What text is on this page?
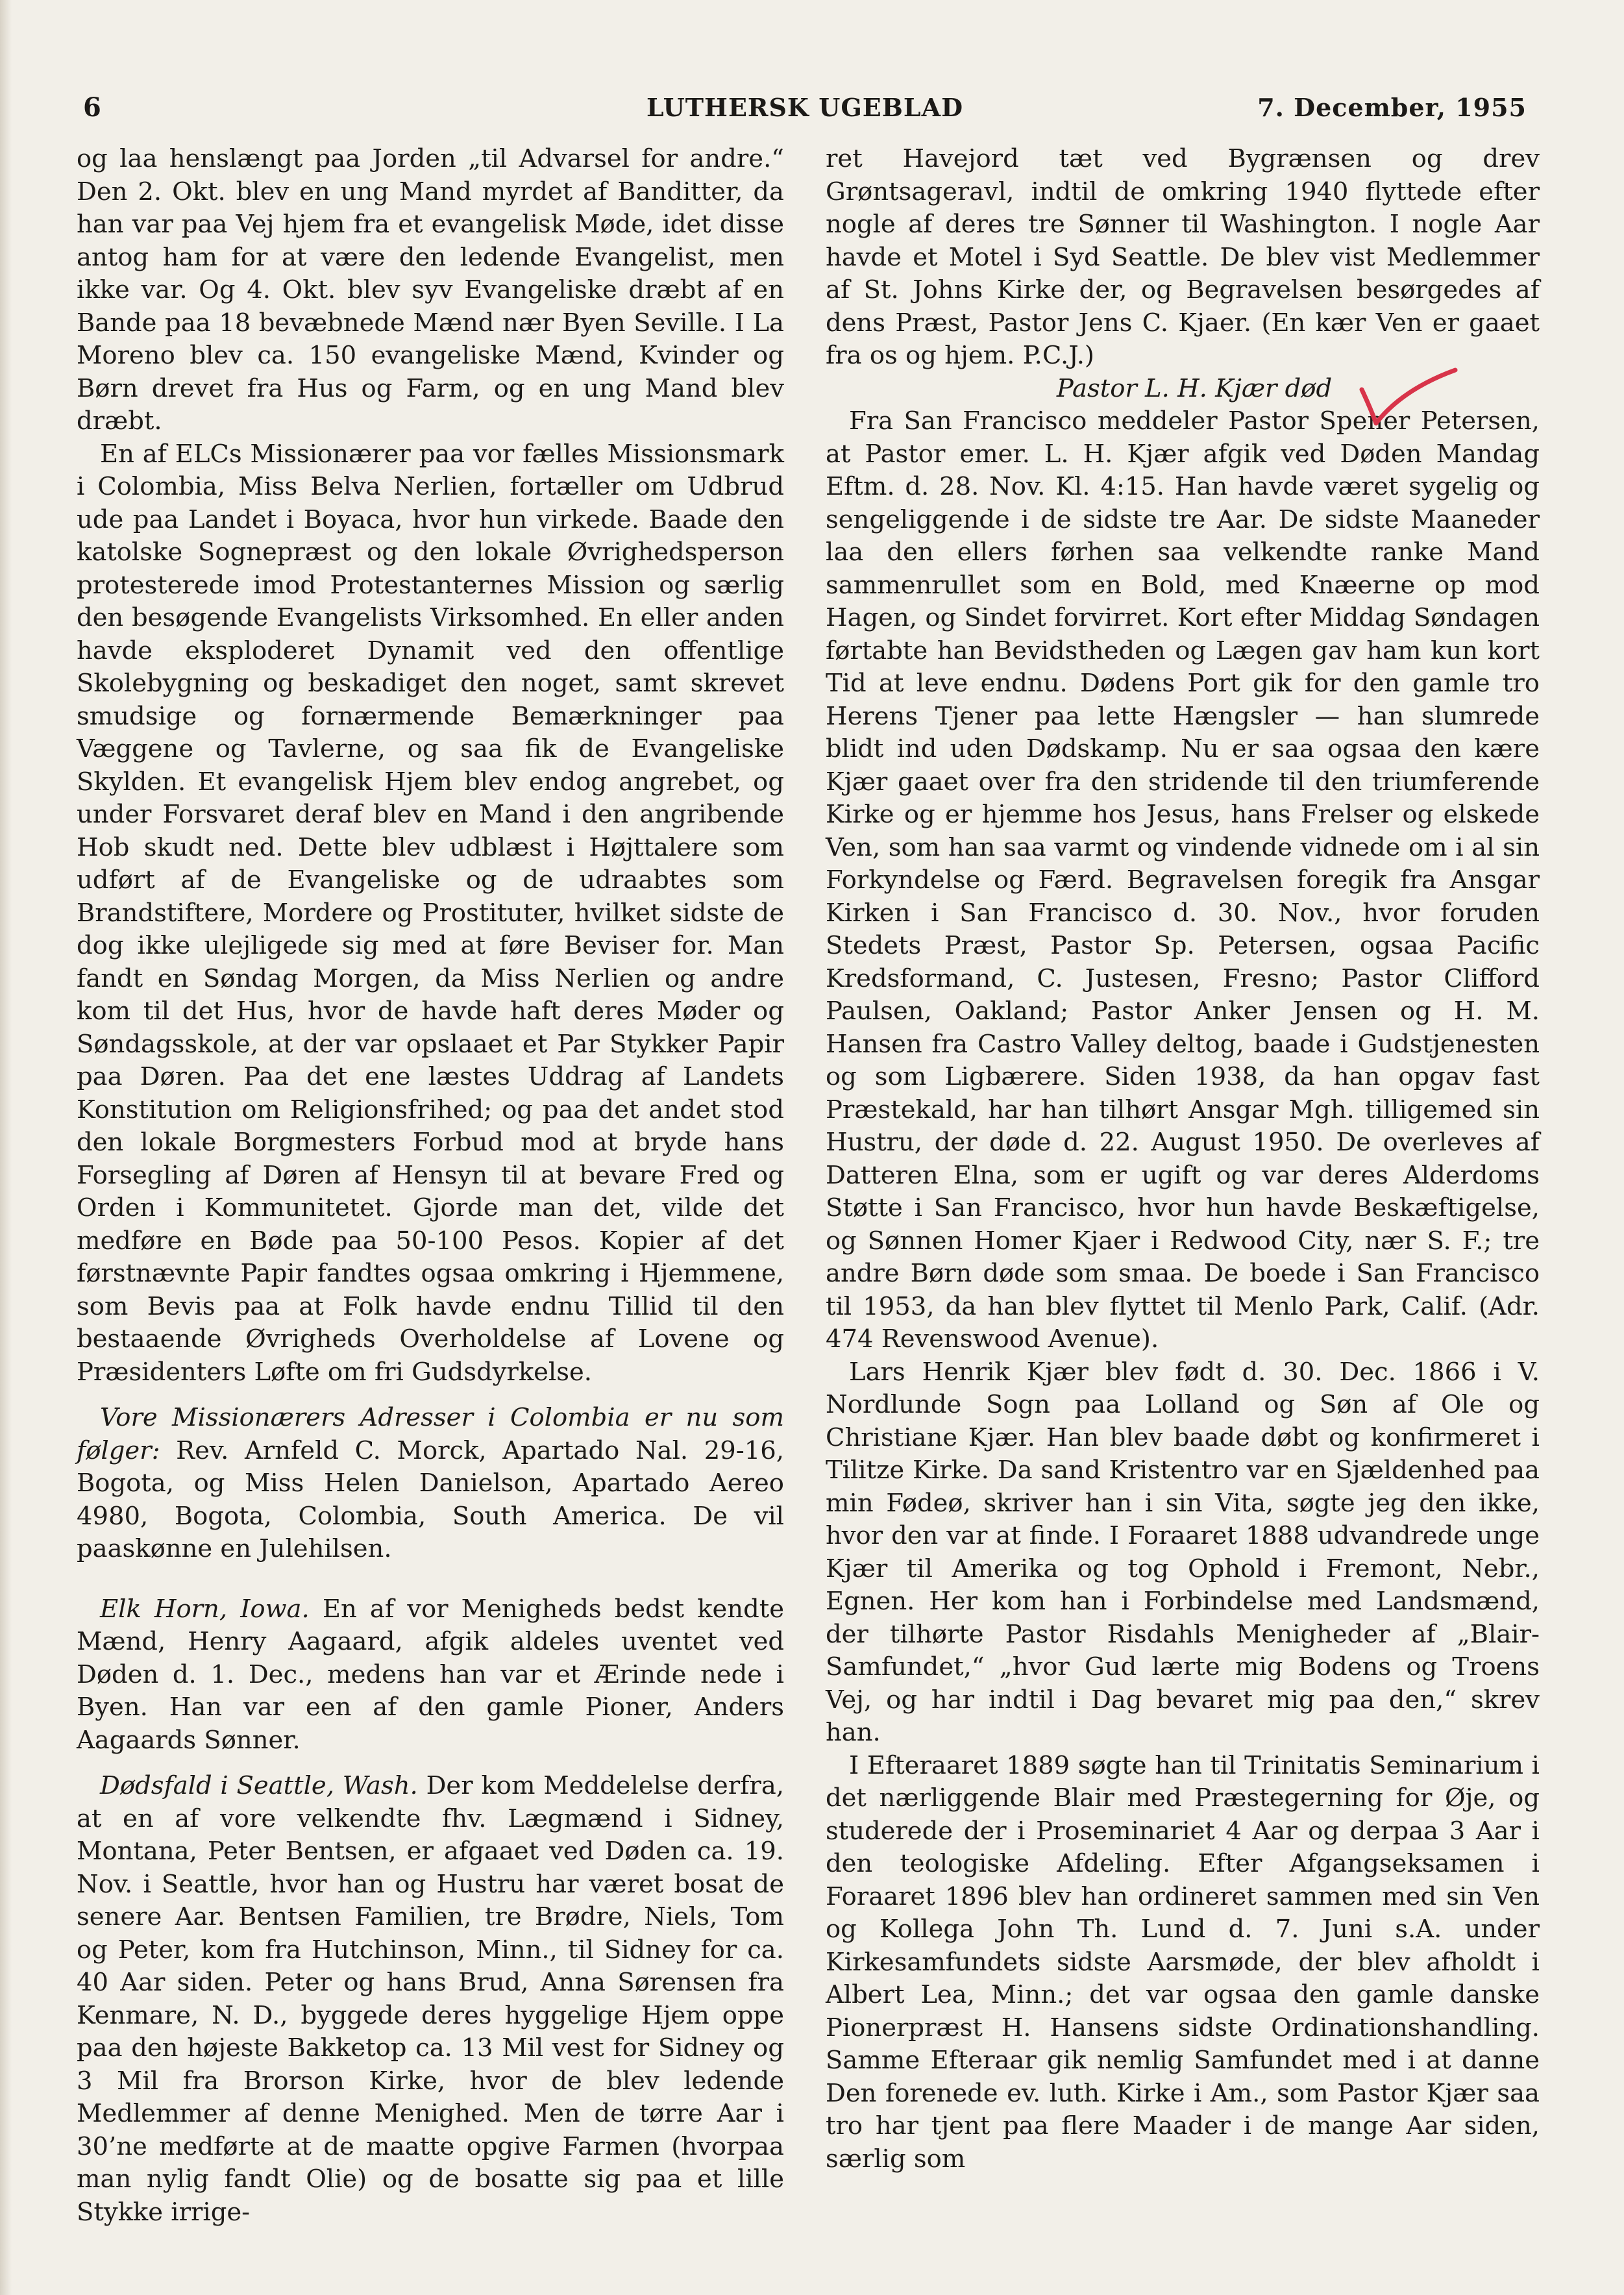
6	LUTHERSK UGEBLAD	7. December, 1955

og laa henslængt paa Jorden „til Advarsel for andre.“ Den 2. Okt. blev en ung Mand myrdet af Banditter, da han var paa Vej hjem fra et evangelisk Møde, idet disse antog ham for at være den ledende Evangelist, men ikke var. Og 4. Okt. blev syv Evangeliske dræbt af en Bande paa 18 bevæbnede Mænd nær Byen Seville. I La Moreno blev ca. 150 evangeliske Mænd, Kvinder og Børn drevet fra Hus og Farm, og en ung Mand blev dræbt.

En af ELCs Missionærer paa vor fælles Missionsmark i Colombia, Miss Belva Nerlien, fortæller om Udbrud ude paa Landet i Boyaca, hvor hun virkede. Baade den katolske Sognepræst og den lokale Øvrighedsperson protesterede imod Protestanternes Mission og særlig den besøgende Evangelists Virksomhed. En eller anden havde eksploderet Dynamit ved den offentlige Skolebygning og beskadiget den noget, samt skrevet smudsige og fornærmende Bemærkninger paa Væggene og Tavlerne, og saa fik de Evangeliske Skylden. Et evangelisk Hjem blev endog angrebet, og under Forsvaret deraf blev en Mand i den angribende Hob skudt ned. Dette blev udblæst i Højttalere som udført af de Evangeliske og de udraabtes som Brandstiftere, Mordere og Prostituter, hvilket sidste de dog ikke ulejligede sig med at føre Beviser for. Man fandt en Søndag Morgen, da Miss Nerlien og andre kom til det Hus, hvor de havde haft deres Møder og Søndagsskole, at der var opslaaet et Par Stykker Papir paa Døren. Paa det ene læstes Uddrag af Landets Konstitution om Religionsfrihed; og paa det andet stod den lokale Borgmesters Forbud mod at bryde hans Forsegling af Døren af Hensyn til at bevare Fred og Orden i Kommunitetet. Gjorde man det, vilde det medføre en Bøde paa 50-100 Pesos. Kopier af det førstnævnte Papir fandtes ogsaa omkring i Hjemmene, som Bevis paa at Folk havde endnu Tillid til den bestaaende Øvrigheds Overholdelse af Lovene og Præsidenters Løfte om fri Gudsdyrkelse.

Vore Missionærers Adresser i Colombia er nu som følger: Rev. Arnfeld C. Morck, Apartado Nal. 29-16, Bogota, og Miss Helen Danielson, Apartado Aereo 4980, Bogota, Colombia, South America. De vil paaskønne en Julehilsen.

Elk Horn, Iowa. En af vor Menigheds bedst kendte Mænd, Henry Aagaard, afgik aldeles uventet ved Døden d. 1. Dec., medens han var et Ærinde nede i Byen. Han var een af den gamle Pioner, Anders Aagaards Sønner.

Dødsfald i Seattle, Wash. Der kom Meddelelse derfra, at en af vore velkendte fhv. Lægmænd i Sidney, Montana, Peter Bentsen, er afgaaet ved Døden ca. 19. Nov. i Seattle, hvor han og Hustru har været bosat de senere Aar. Bentsen Familien, tre Brødre, Niels, Tom og Peter, kom fra Hutchinson, Minn., til Sidney for ca. 40 Aar siden. Peter og hans Brud, Anna Sørensen fra Kenmare, N. D., byggede deres hyggelige Hjem oppe paa den højeste Bakketop ca. 13 Mil vest for Sidney og 3 Mil fra Brorson Kirke, hvor de blev ledende Medlemmer af denne Menighed. Men de tørre Aar i 30’ne medførte at de maatte opgive Farmen (hvorpaa man nylig fandt Olie) og de bosatte sig paa et lille Stykke irrige-

ret Havejord tæt ved Bygrænsen og drev Grøntsageravl, indtil de omkring 1940 flyttede efter nogle af deres tre Sønner til Washington. I nogle Aar havde et Motel i Syd Seattle. De blev vist Medlemmer af St. Johns Kirke der, og Begravelsen besørgedes af dens Præst, Pastor Jens C. Kjaer. (En kær Ven er gaaet fra os og hjem. P.C.J.)

Pastor L. H. Kjær død

Fra San Francisco meddeler Pastor Spener Petersen, at Pastor emer. L. H. Kjær afgik ved Døden Mandag Eftm. d. 28. Nov. Kl. 4:15. Han havde været sygelig og sengeliggende i de sidste tre Aar. De sidste Maaneder laa den ellers førhen saa velkendte ranke Mand sammenrullet som en Bold, med Knæerne op mod Hagen, og Sindet forvirret. Kort efter Middag Søndagen førtabte han Bevidstheden og Lægen gav ham kun kort Tid at leve endnu. Dødens Port gik for den gamle tro Herens Tjener paa lette Hængsler — han slumrede blidt ind uden Dødskamp. Nu er saa ogsaa den kære Kjær gaaet over fra den stridende til den triumferende Kirke og er hjemme hos Jesus, hans Frelser og elskede Ven, som han saa varmt og vindende vidnede om i al sin Forkyndelse og Færd. Begravelsen foregik fra Ansgar Kirken i San Francisco d. 30. Nov., hvor foruden Stedets Præst, Pastor Sp. Petersen, ogsaa Pacific Kredsformand, C. Justesen, Fresno; Pastor Clifford Paulsen, Oakland; Pastor Anker Jensen og H. M. Hansen fra Castro Valley deltog, baade i Gudstjenesten og som Ligbærere. Siden 1938, da han opgav fast Præstekald, har han tilhørt Ansgar Mgh. tilligemed sin Hustru, der døde d. 22. August 1950. De overleves af Datteren Elna, som er ugift og var deres Alderdoms Støtte i San Francisco, hvor hun havde Beskæftigelse, og Sønnen Homer Kjaer i Redwood City, nær S. F.; tre andre Børn døde som smaa. De boede i San Francisco til 1953, da han blev flyttet til Menlo Park, Calif. (Adr. 474 Revenswood Avenue).

Lars Henrik Kjær blev født d. 30. Dec. 1866 i V. Nordlunde Sogn paa Lolland og Søn af Ole og Christiane Kjær. Han blev baade døbt og konfirmeret i Tilitze Kirke. Da sand Kristentro var en Sjældenhed paa min Fødeø, skriver han i sin Vita, søgte jeg den ikke, hvor den var at finde. I Foraaret 1888 udvandrede unge Kjær til Amerika og tog Ophold i Fremont, Nebr., Egnen. Her kom han i Forbindelse med Landsmænd, der tilhørte Pastor Risdahls Menigheder af „Blair-Samfundet,“ „hvor Gud lærte mig Bodens og Troens Vej, og har indtil i Dag bevaret mig paa den,“ skrev han.

I Efteraaret 1889 søgte han til Trinitatis Seminarium i det nærliggende Blair med Præstegerning for Øje, og studerede der i Proseminariet 4 Aar og derpaa 3 Aar i den teologiske Afdeling. Efter Afgangseksamen i Foraaret 1896 blev han ordineret sammen med sin Ven og Kollega John Th. Lund d. 7. Juni s.A. under Kirkesamfundets sidste Aarsmøde, der blev afholdt i Albert Lea, Minn.; det var ogsaa den gamle danske Pionerpræst H. Hansens sidste Ordinationshandling. Samme Efteraar gik nemlig Samfundet med i at danne Den forenede ev. luth. Kirke i Am., som Pastor Kjær saa tro har tjent paa flere Maader i de mange Aar siden, særlig som
